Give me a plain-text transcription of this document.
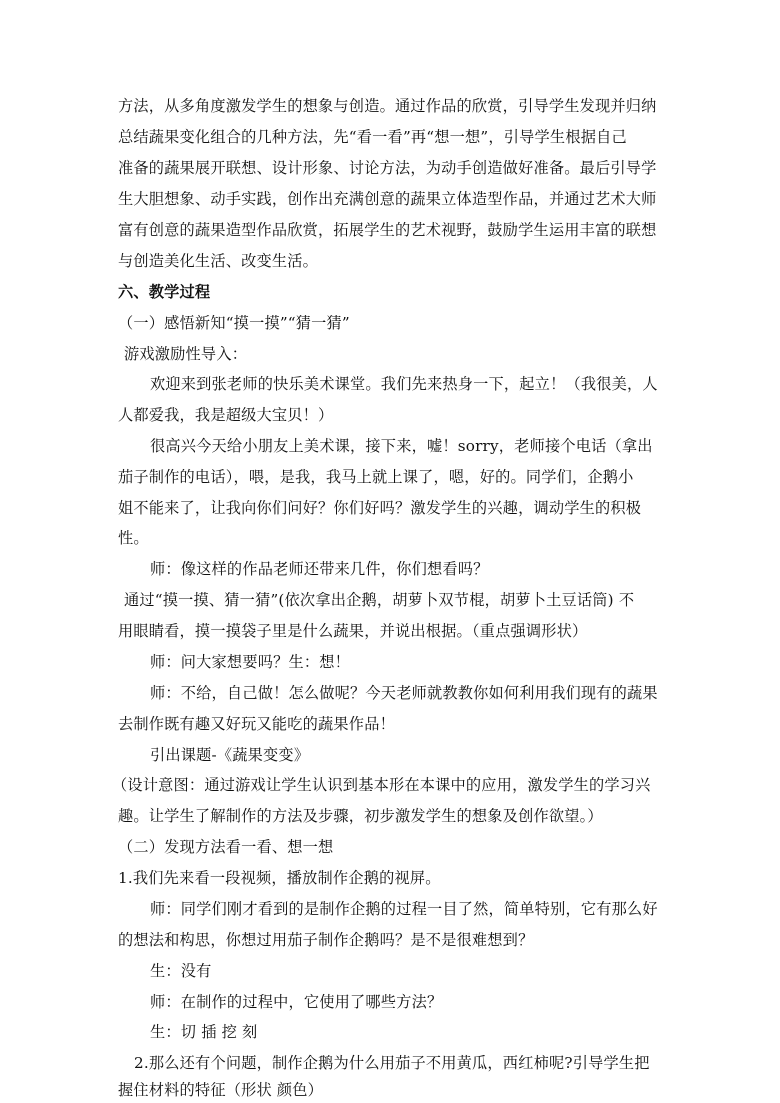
方法，从多角度激发学生的想象与创造。通过作品的欣赏，引导学生发现并归纳
总结蔬果变化组合的几种方法，先“看一看”再“想一想”，引导学生根据自己
准备的蔬果展开联想、设计形象、讨论方法，为动手创造做好准备。最后引导学
生大胆想象、动手实践，创作出充满创意的蔬果立体造型作品，并通过艺术大师
富有创意的蔬果造型作品欣赏，拓展学生的艺术视野，鼓励学生运用丰富的联想
与创造美化生活、改变生活。
六、教学过程
（一）感悟新知“摸一摸”“猜一猜”
游戏激励性导入：
欢迎来到张老师的快乐美术课堂。我们先来热身一下，起立！（我很美，人
人都爱我，我是超级大宝贝！）
很高兴今天给小朋友上美术课，接下来，嘘！sorry，老师接个电话（拿出
茄子制作的电话），喂，是我，我马上就上课了，嗯，好的。同学们，企鹅小
姐不能来了，让我向你们问好？你们好吗？激发学生的兴趣，调动学生的积极
性。
师：像这样的作品老师还带来几件，你们想看吗？
通过“摸一摸、猜一猜”(依次拿出企鹅，胡萝卜双节棍，胡萝卜土豆话筒) 不
用眼睛看，摸一摸袋子里是什么蔬果，并说出根据。（重点强调形状）
师：问大家想要吗？生：想！
师：不给，自己做！怎么做呢？今天老师就教教你如何利用我们现有的蔬果
去制作既有趣又好玩又能吃的蔬果作品！
引出课题-《蔬果变变》
（设计意图：通过游戏让学生认识到基本形在本课中的应用，激发学生的学习兴
趣。让学生了解制作的方法及步骤，初步激发学生的想象及创作欲望。）
（二）发现方法看一看、想一想
1.我们先来看一段视频，播放制作企鹅的视屏。
师：同学们刚才看到的是制作企鹅的过程一目了然，简单特别，它有那么好
的想法和构思，你想过用茄子制作企鹅吗？是不是很难想到？
生：没有
师：在制作的过程中，它使用了哪些方法？
生：切 插 挖 刻
2.那么还有个问题，制作企鹅为什么用茄子不用黄瓜，西红柿呢?引导学生把
握住材料的特征（形状 颜色）
